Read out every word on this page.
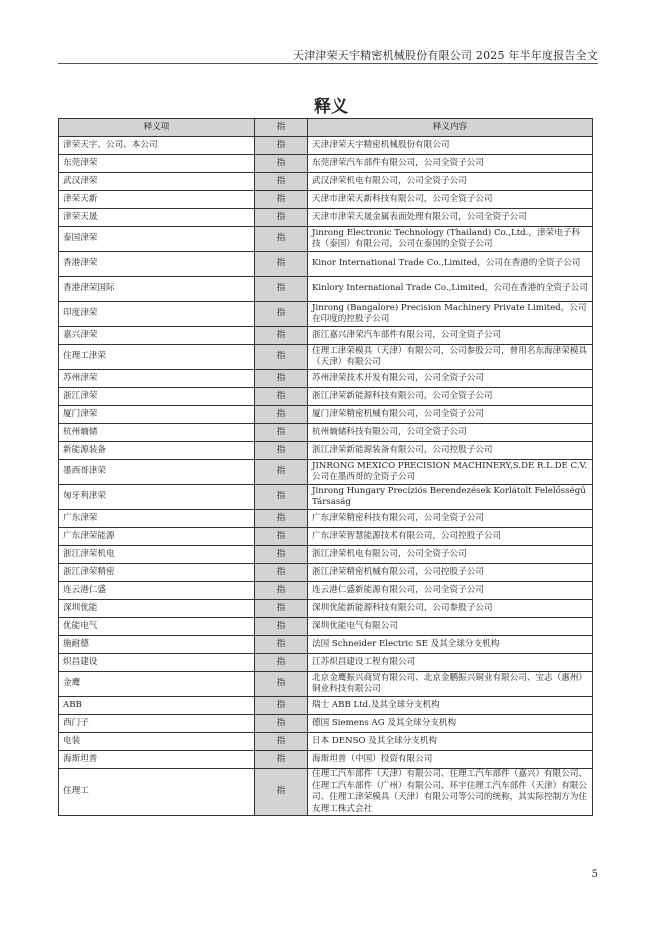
天津津荣天宇精密机械股份有限公司 2025 年半年度报告全文
释义
释义项	指	释义内容
津荣天宇、公司、本公司	指	天津津荣天宇精密机械股份有限公司
东莞津荣	指	东莞津荣汽车部件有限公司，公司全资子公司
武汉津荣	指	武汉津荣机电有限公司，公司全资子公司
津荣天新	指	天津市津荣天新科技有限公司，公司全资子公司
津荣天晟	指	天津市津荣天晟金属表面处理有限公司，公司全资子公司
泰国津荣	指	Jinrong Electronic Technology (Thailand) Co.,Ltd.，津荣电子科技（泰国）有限公司，公司在泰国的全资子公司
香港津荣	指	Kinor International Trade Co.,Limited，公司在香港的全资子公司
香港津荣国际	指	Kinlory International Trade Co.,Limited，公司在香港的全资子公司
印度津荣	指	Jinrong (Bangalore) Precision Machinery Private Limited，公司在印度的控股子公司
嘉兴津荣	指	浙江嘉兴津荣汽车部件有限公司，公司全资子公司
住理工津荣	指	住理工津荣模具（天津）有限公司，公司参股公司，曾用名东海津荣模具（天津）有限公司
苏州津荣	指	苏州津荣技术开发有限公司，公司全资子公司
浙江津荣	指	浙江津荣新能源科技有限公司，公司全资子公司
厦门津荣	指	厦门津荣精密机械有限公司，公司全资子公司
杭州熵储	指	杭州熵储科技有限公司，公司全资子公司
新能源装备	指	浙江津荣新能源装备有限公司，公司控股子公司
墨西哥津荣	指	JINRONG MEXICO PRECISION MACHINERY,S.DE R.L.DE C.V.公司在墨西哥的全资子公司
匈牙利津荣	指	Jinrong Hungary Precíziós Berendezések Korlátolt Felelősségű Társaság
广东津荣	指	广东津荣精密科技有限公司，公司全资子公司
广东津荣能源	指	广东津荣智慧能源技术有限公司，公司控股子公司
浙江津荣机电	指	浙江津荣机电有限公司，公司全资子公司
浙江津荣精密	指	浙江津荣精密机械有限公司，公司控股子公司
连云港仁盛	指	连云港仁盛新能源有限公司，公司全资子公司
深圳优能	指	深圳优能新能源科技有限公司，公司参股子公司
优能电气	指	深圳优能电气有限公司
施耐德	指	法国 Schneider Electric SE 及其全球分支机构
炽昌建设	指	江苏炽昌建设工程有限公司
金鹰	指	北京金鹰振兴商贸有限公司、北京金鹏振兴铜业有限公司、宝志（惠州）铜业科技有限公司
ABB	指	瑞士 ABB Ltd.及其全球分支机构
西门子	指	德国 Siemens AG 及其全球分支机构
电装	指	日本 DENSO 及其全球分支机构
海斯坦普	指	海斯坦普（中国）投资有限公司
住理工	指	住理工汽车部件（天津）有限公司、住理工汽车部件（嘉兴）有限公司、住理工汽车部件（广州）有限公司、环宇住理工汽车部件（天津）有限公司、住理工津荣模具（天津）有限公司等公司的统称，其实际控制方为住友理工株式会社
5
